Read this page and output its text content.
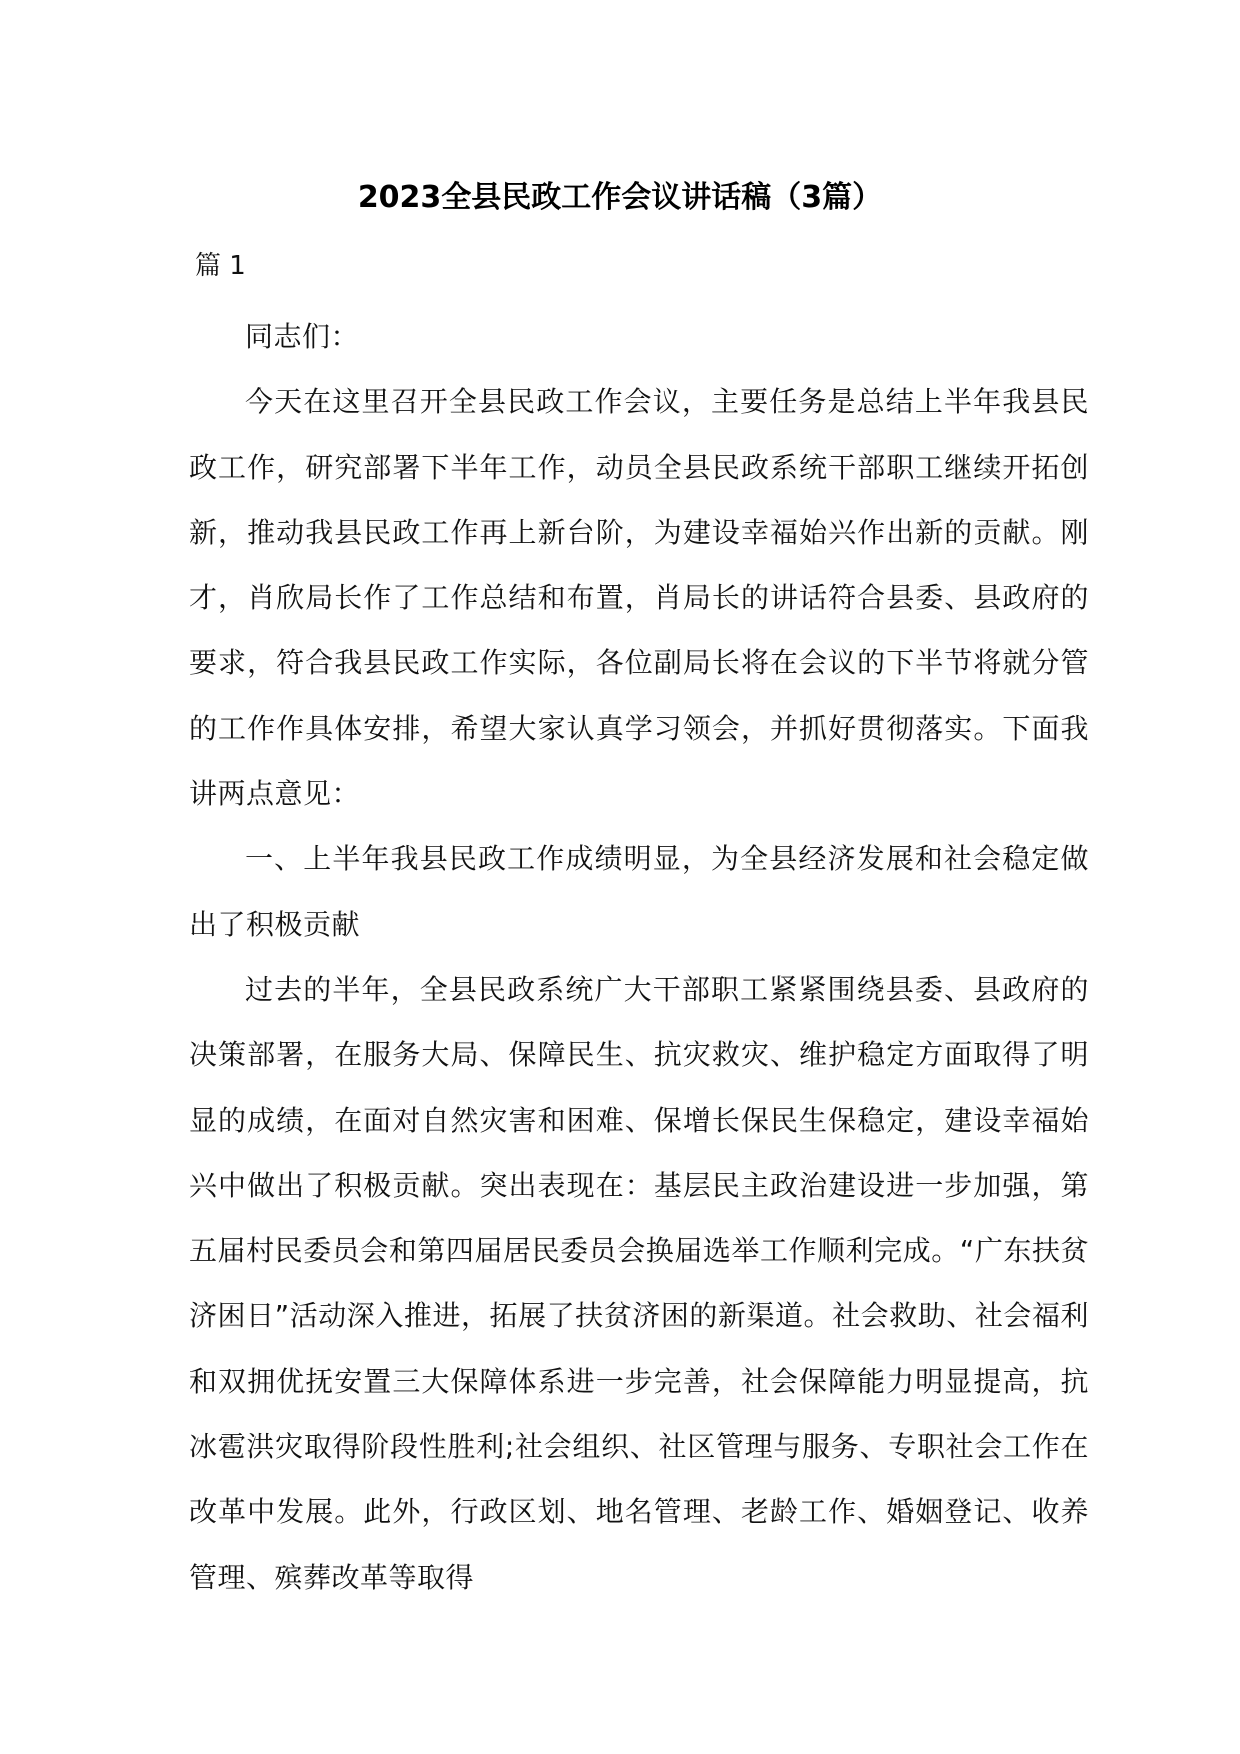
2023全县民政工作会议讲话稿（3篇）

篇 1

同志们：

今天在这里召开全县民政工作会议，主要任务是总结上半年我县民政工作，研究部署下半年工作，动员全县民政系统干部职工继续开拓创新，推动我县民政工作再上新台阶，为建设幸福始兴作出新的贡献。刚才，肖欣局长作了工作总结和布置，肖局长的讲话符合县委、县政府的要求，符合我县民政工作实际，各位副局长将在会议的下半节将就分管的工作作具体安排，希望大家认真学习领会，并抓好贯彻落实。下面我讲两点意见：

一、上半年我县民政工作成绩明显，为全县经济发展和社会稳定做出了积极贡献

过去的半年，全县民政系统广大干部职工紧紧围绕县委、县政府的决策部署，在服务大局、保障民生、抗灾救灾、维护稳定方面取得了明显的成绩，在面对自然灾害和困难、保增长保民生保稳定，建设幸福始兴中做出了积极贡献。突出表现在：基层民主政治建设进一步加强，第五届村民委员会和第四届居民委员会换届选举工作顺利完成。“广东扶贫济困日”活动深入推进，拓展了扶贫济困的新渠道。社会救助、社会福利和双拥优抚安置三大保障体系进一步完善，社会保障能力明显提高，抗冰雹洪灾取得阶段性胜利;社会组织、社区管理与服务、专职社会工作在改革中发展。此外，行政区划、地名管理、老龄工作、婚姻登记、收养管理、殡葬改革等取得
